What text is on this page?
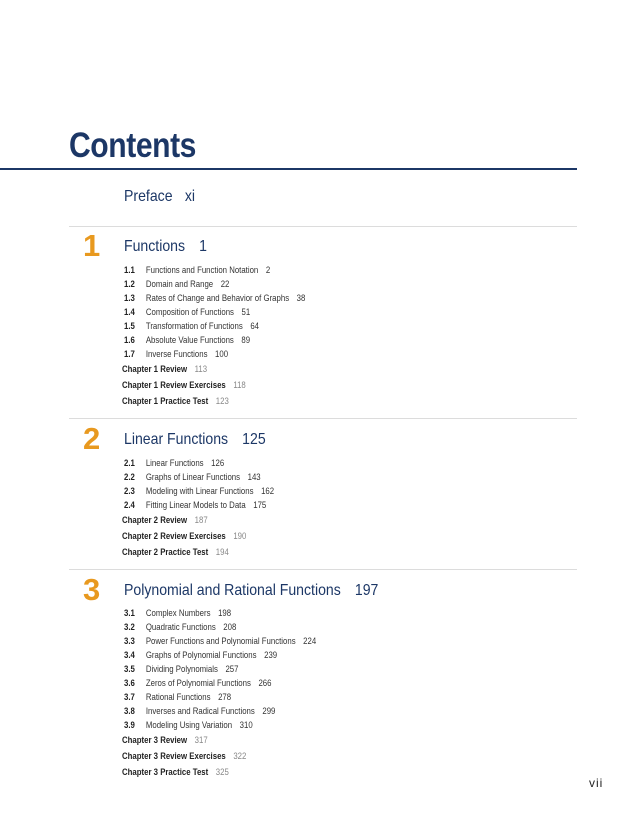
Contents
Preface xi
1 Functions 1
1.1 Functions and Function Notation 2
1.2 Domain and Range 22
1.3 Rates of Change and Behavior of Graphs 38
1.4 Composition of Functions 51
1.5 Transformation of Functions 64
1.6 Absolute Value Functions 89
1.7 Inverse Functions 100
Chapter 1 Review 113
Chapter 1 Review Exercises 118
Chapter 1 Practice Test 123
2 Linear Functions 125
2.1 Linear Functions 126
2.2 Graphs of Linear Functions 143
2.3 Modeling with Linear Functions 162
2.4 Fitting Linear Models to Data 175
Chapter 2 Review 187
Chapter 2 Review Exercises 190
Chapter 2 Practice Test 194
3 Polynomial and Rational Functions 197
3.1 Complex Numbers 198
3.2 Quadratic Functions 208
3.3 Power Functions and Polynomial Functions 224
3.4 Graphs of Polynomial Functions 239
3.5 Dividing Polynomials 257
3.6 Zeros of Polynomial Functions 266
3.7 Rational Functions 278
3.8 Inverses and Radical Functions 299
3.9 Modeling Using Variation 310
Chapter 3 Review 317
Chapter 3 Review Exercises 322
Chapter 3 Practice Test 325
vii
